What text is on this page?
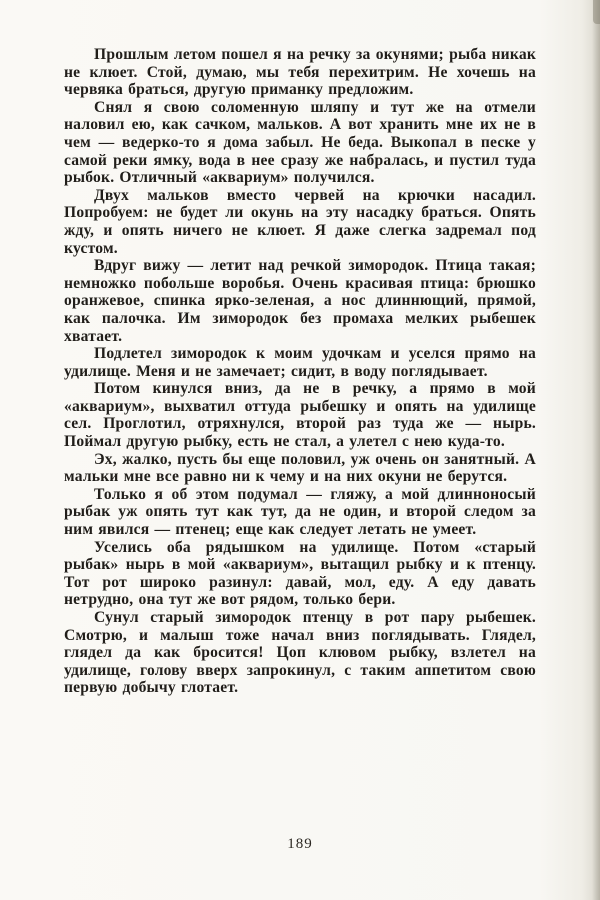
Прошлым летом пошел я на речку за окунями; рыба никак не клюет. Стой, думаю, мы тебя перехитрим. Не хочешь на червяка браться, другую приманку предложим.

Снял я свою соломенную шляпу и тут же на отмели наловил ею, как сачком, мальков. А вот хранить мне их не в чем — ведерко-то я дома забыл. Не беда. Выкопал в песке у самой реки ямку, вода в нее сразу же набралась, и пустил туда рыбок. Отличный «аквариум» получился.

Двух мальков вместо червей на крючки насадил. Попробуем: не будет ли окунь на эту насадку браться. Опять жду, и опять ничего не клюет. Я даже слегка задремал под кустом.

Вдруг вижу — летит над речкой зимородок. Птица такая; немножко побольше воробья. Очень красивая птица: брюшко оранжевое, спинка ярко-зеленая, а нос длиннющий, прямой, как палочка. Им зимородок без промаха мелких рыбешек хватает.

Подлетел зимородок к моим удочкам и уселся прямо на удилище. Меня и не замечает; сидит, в воду поглядывает.

Потом кинулся вниз, да не в речку, а прямо в мой «аквариум», выхватил оттуда рыбешку и опять на удилище сел. Проглотил, отряхнулся, второй раз туда же — нырь. Поймал другую рыбку, есть не стал, а улетел с нею куда-то.

Эх, жалко, пусть бы еще половил, уж очень он занятный. А мальки мне все равно ни к чему и на них окуни не берутся.

Только я об этом подумал — гляжу, а мой длинноносый рыбак уж опять тут как тут, да не один, и второй следом за ним явился — птенец; еще как следует летать не умеет.

Уселись оба рядышком на удилище. Потом «старый рыбак» нырь в мой «аквариум», вытащил рыбку и к птенцу. Тот рот широко разинул: давай, мол, еду. А еду давать нетрудно, она тут же вот рядом, только бери.

Сунул старый зимородок птенцу в рот пару рыбешек. Смотрю, и малыш тоже начал вниз поглядывать. Глядел, глядел да как бросится! Цоп клювом рыбку, взлетел на удилище, голову вверх запрокинул, с таким аппетитом свою первую добычу глотает.

189
